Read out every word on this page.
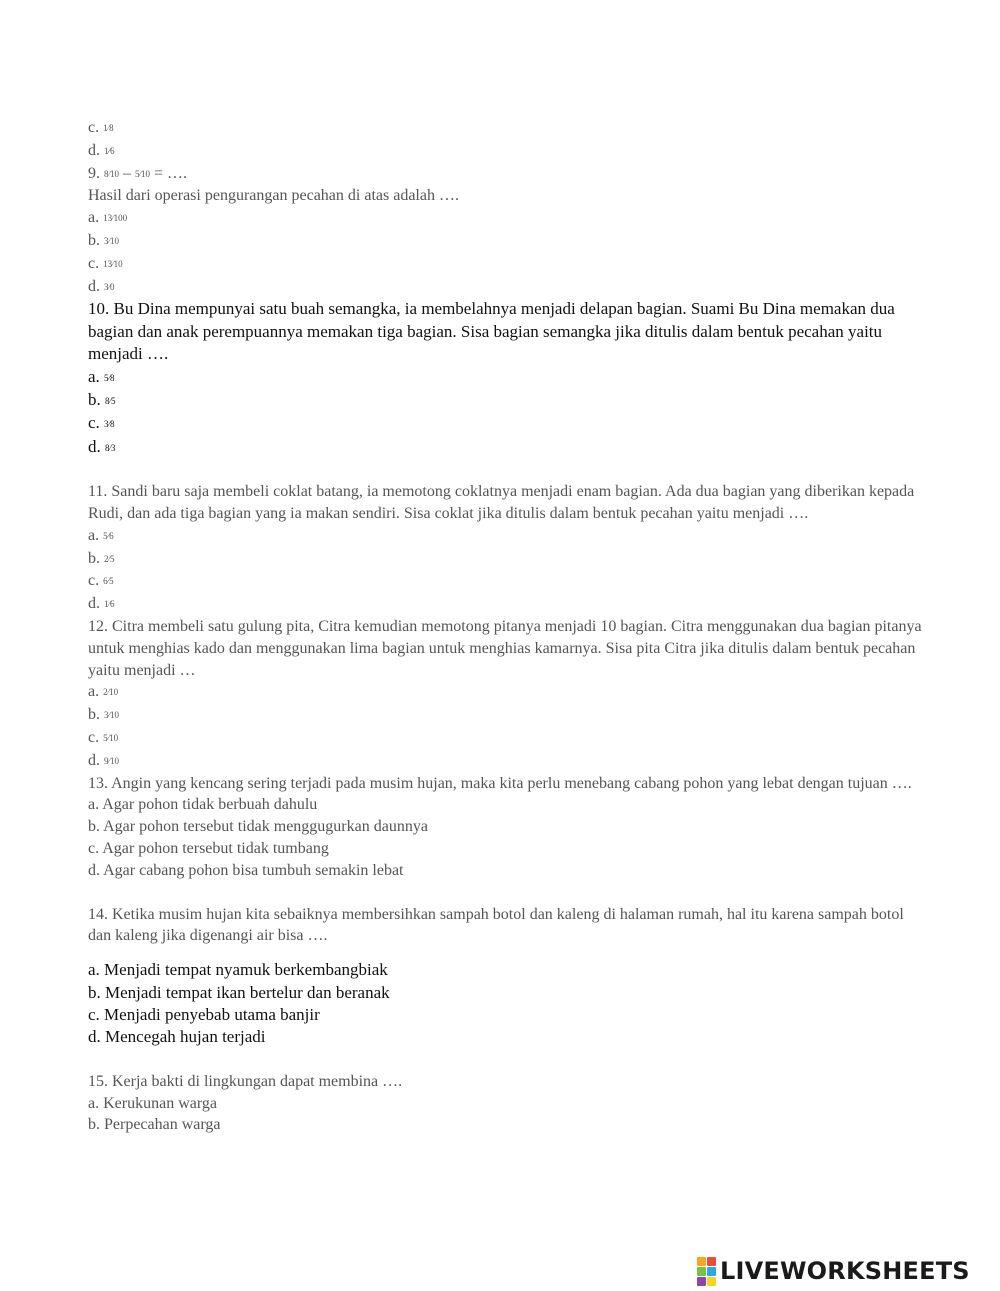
c. 1⁄8
d. 1⁄6
9. 8⁄10 – 5⁄10 = ….
Hasil dari operasi pengurangan pecahan di atas adalah ….
a. 13⁄100
b. 3⁄10
c. 13⁄10
d. 3⁄0
10. Bu Dina mempunyai satu buah semangka, ia membelahnya menjadi delapan bagian. Suami Bu Dina memakan dua bagian dan anak perempuannya memakan tiga bagian. Sisa bagian semangka jika ditulis dalam bentuk pecahan yaitu menjadi ….
a. 5⁄8
b. 8⁄5
c. 3⁄8
d. 8⁄3
11. Sandi baru saja membeli coklat batang, ia memotong coklatnya menjadi enam bagian. Ada dua bagian yang diberikan kepada Rudi, dan ada tiga bagian yang ia makan sendiri. Sisa coklat jika ditulis dalam bentuk pecahan yaitu menjadi ….
a. 5⁄6
b. 2⁄5
c. 6⁄5
d. 1⁄6
12. Citra membeli satu gulung pita, Citra kemudian memotong pitanya menjadi 10 bagian. Citra menggunakan dua bagian pitanya untuk menghias kado dan menggunakan lima bagian untuk menghias kamarnya. Sisa pita Citra jika ditulis dalam bentuk pecahan yaitu menjadi …
a. 2⁄10
b. 3⁄10
c. 5⁄10
d. 9⁄10
13. Angin yang kencang sering terjadi pada musim hujan, maka kita perlu menebang cabang pohon yang lebat dengan tujuan ….
a. Agar pohon tidak berbuah dahulu
b. Agar pohon tersebut tidak menggugurkan daunnya
c. Agar pohon tersebut tidak tumbang
d. Agar cabang pohon bisa tumbuh semakin lebat
14. Ketika musim hujan kita sebaiknya membersihkan sampah botol dan kaleng di halaman rumah, hal itu karena sampah botol dan kaleng jika digenangi air bisa ….
a. Menjadi tempat nyamuk berkembangbiak
b. Menjadi tempat ikan bertelur dan beranak
c. Menjadi penyebab utama banjir
d. Mencegah hujan terjadi
15. Kerja bakti di lingkungan dapat membina ….
a. Kerukunan warga
b. Perpecahan warga
LIVEWORKSHEETS
